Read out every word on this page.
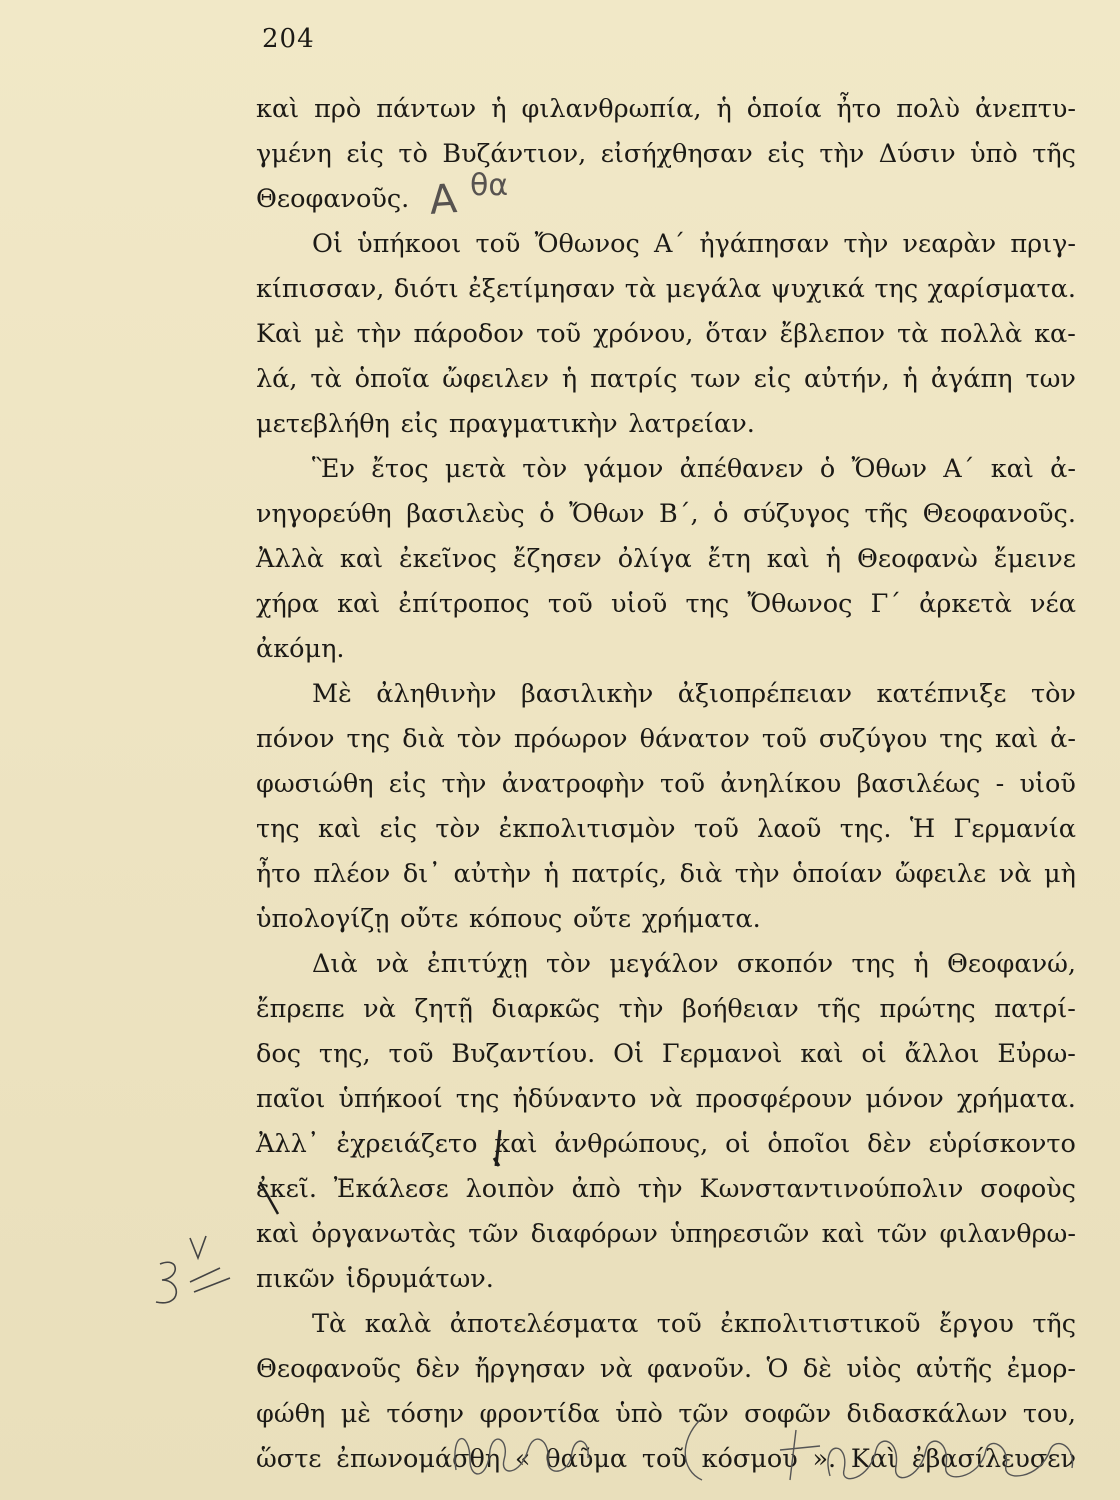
204
καὶ πρὸ πάντων ἡ φιλανθρωπία, ἡ ὁποία ἦτο πολὺ ἀνεπτυ-
γμένη εἰς τὸ Βυζάντιον, εἰσήχθησαν εἰς τὴν Δύσιν ὑπὸ τῆς
Θεοφανοῦς.
Οἱ ὑπήκοοι τοῦ Ὄθωνος Α΄ ἠγάπησαν τὴν νεαρὰν πριγ-
κίπισσαν, διότι ἐξετίμησαν τὰ μεγάλα ψυχικά της χαρίσματα.
Καὶ μὲ τὴν πάροδον τοῦ χρόνου, ὅταν ἔβλεπον τὰ πολλὰ κα-
λά, τὰ ὁποῖα ὤφειλεν ἡ πατρίς των εἰς αὐτήν, ἡ ἀγάπη των
μετεβλήθη εἰς πραγματικὴν λατρείαν.
Ἓν ἔτος μετὰ τὸν γάμον ἀπέθανεν ὁ Ὄθων Α΄ καὶ ἀ-
νηγορεύθη βασιλεὺς ὁ Ὄθων Β΄, ὁ σύζυγος τῆς Θεοφανοῦς.
Ἀλλὰ καὶ ἐκεῖνος ἔζησεν ὀλίγα ἔτη καὶ ἡ Θεοφανὼ ἔμεινε
χήρα καὶ ἐπίτροπος τοῦ υἱοῦ της Ὄθωνος Γ΄ ἀρκετὰ νέα
ἀκόμη.
Μὲ ἀληθινὴν βασιλικὴν ἀξιοπρέπειαν κατέπνιξε τὸν
πόνον της διὰ τὸν πρόωρον θάνατον τοῦ συζύγου της καὶ ἀ-
φωσιώθη εἰς τὴν ἀνατροφὴν τοῦ ἀνηλίκου βασιλέως - υἱοῦ
της καὶ εἰς τὸν ἐκπολιτισμὸν τοῦ λαοῦ της. Ἡ Γερμανία
ἦτο πλέον δι᾽ αὐτὴν ἡ πατρίς, διὰ τὴν ὁποίαν ὤφειλε νὰ μὴ
ὑπολογίζῃ οὔτε κόπους οὔτε χρήματα.
Διὰ νὰ ἐπιτύχῃ τὸν μεγάλον σκοπόν της ἡ Θεοφανώ,
ἔπρεπε νὰ ζητῇ διαρκῶς τὴν βοήθειαν τῆς πρώτης πατρί-
δος της, τοῦ Βυζαντίου. Οἱ Γερμανοὶ καὶ οἱ ἄλλοι Εὐρω-
παῖοι ὑπήκοοί της ἠδύναντο νὰ προσφέρουν μόνον χρήματα.
Ἀλλ᾽ ἐχρειάζετο καὶ ἀνθρώπους, οἱ ὁποῖοι δὲν εὑρίσκοντο
ἐκεῖ. Ἐκάλεσε λοιπὸν ἀπὸ τὴν Κωνσταντινούπολιν σοφοὺς
καὶ ὀργανωτὰς τῶν διαφόρων ὑπηρεσιῶν καὶ τῶν φιλανθρω-
πικῶν ἱδρυμάτων.
Τὰ καλὰ ἀποτελέσματα τοῦ ἐκπολιτιστικοῦ ἔργου τῆς
Θεοφανοῦς δὲν ἤργησαν νὰ φανοῦν. Ὁ δὲ υἱὸς αὐτῆς ἐμορ-
φώθη μὲ τόσην φροντίδα ὑπὸ τῶν σοφῶν διδασκάλων του,
ὥστε ἐπωνομάσθη « θαῦμα τοῦ κόσμου ». Καὶ ἐβασίλευσεν
Α θα
